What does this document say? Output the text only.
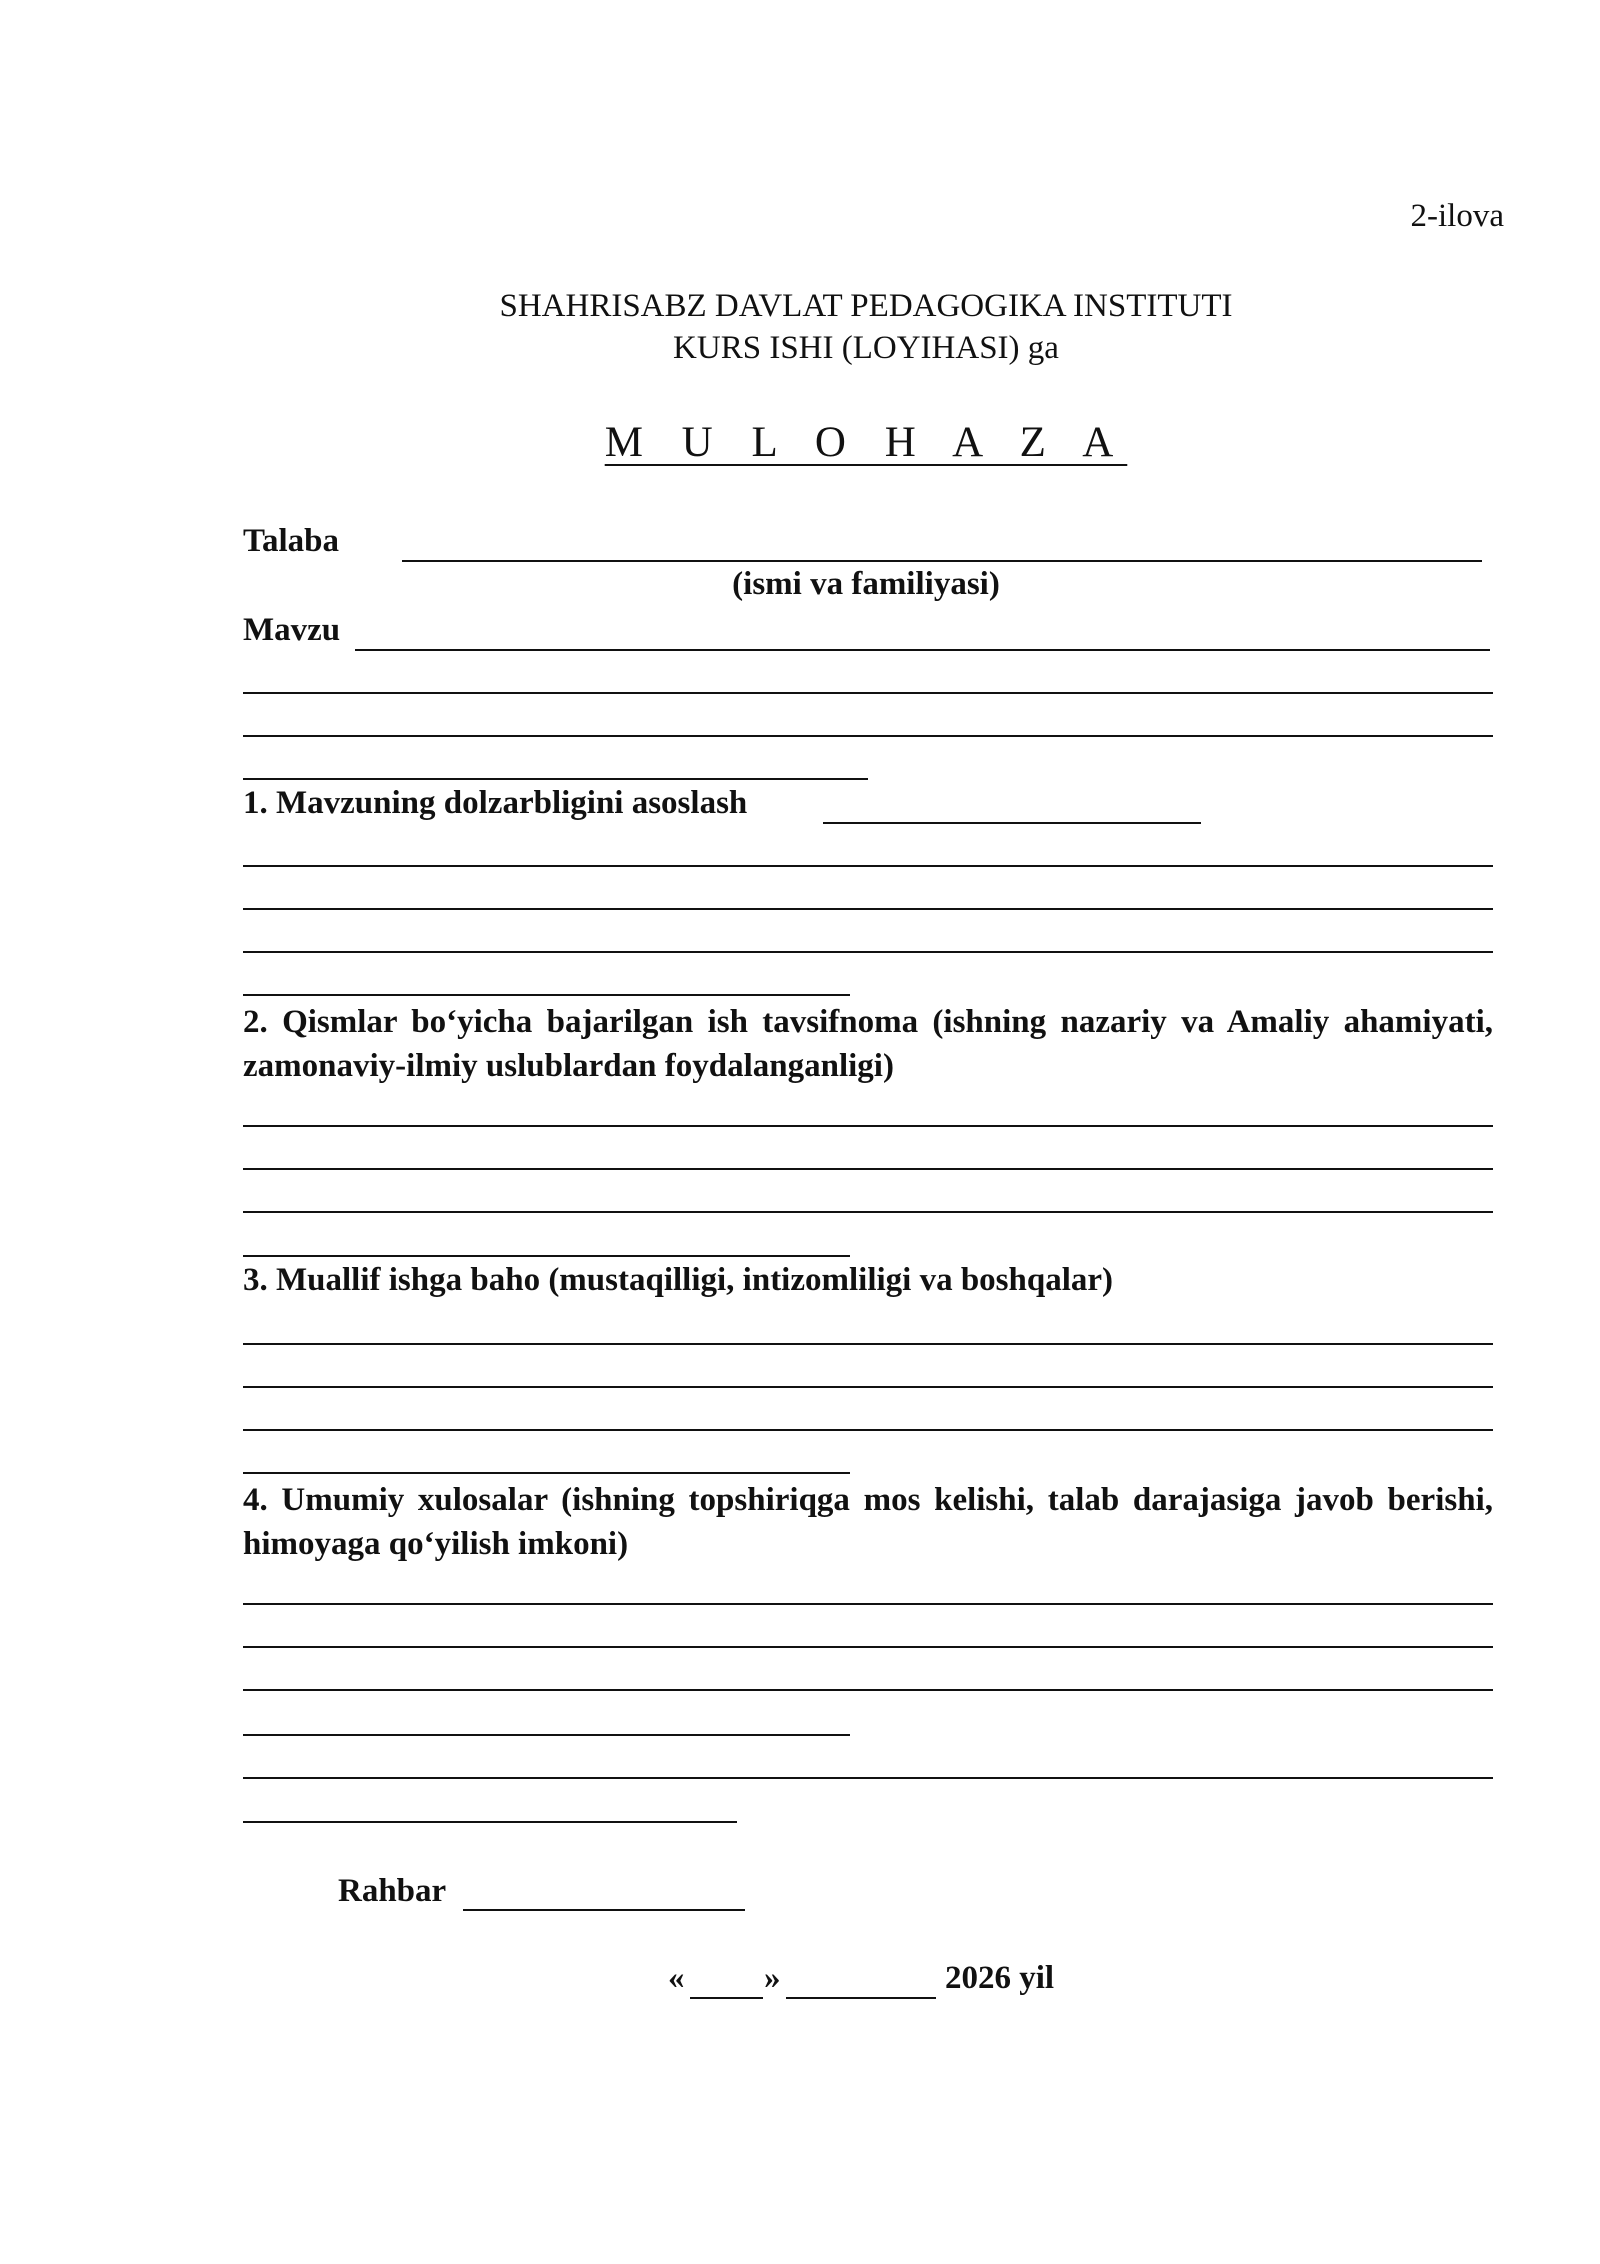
2-ilova
SHAHRISABZ DAVLAT PEDAGOGIKA INSTITUTI
KURS ISHI (LOYIHASI) ga
M U L O H A Z A
Talaba
(ismi va familiyasi)
Mavzu
1. Mavzuning dolzarbligini asoslash
2. Qismlar bo‘yicha bajarilgan ish tavsifnoma (ishning nazariy va Amaliy ahamiyati, zamonaviy-ilmiy uslublardan foydalanganligi)
3. Muallif ishga baho (mustaqilligi, intizomliligi va boshqalar)
4. Umumiy xulosalar (ishning topshiriqga mos kelishi, talab darajasiga javob berishi, himoyaga qo‘yilish imkoni)
Rahbar
« »	2026 yil
